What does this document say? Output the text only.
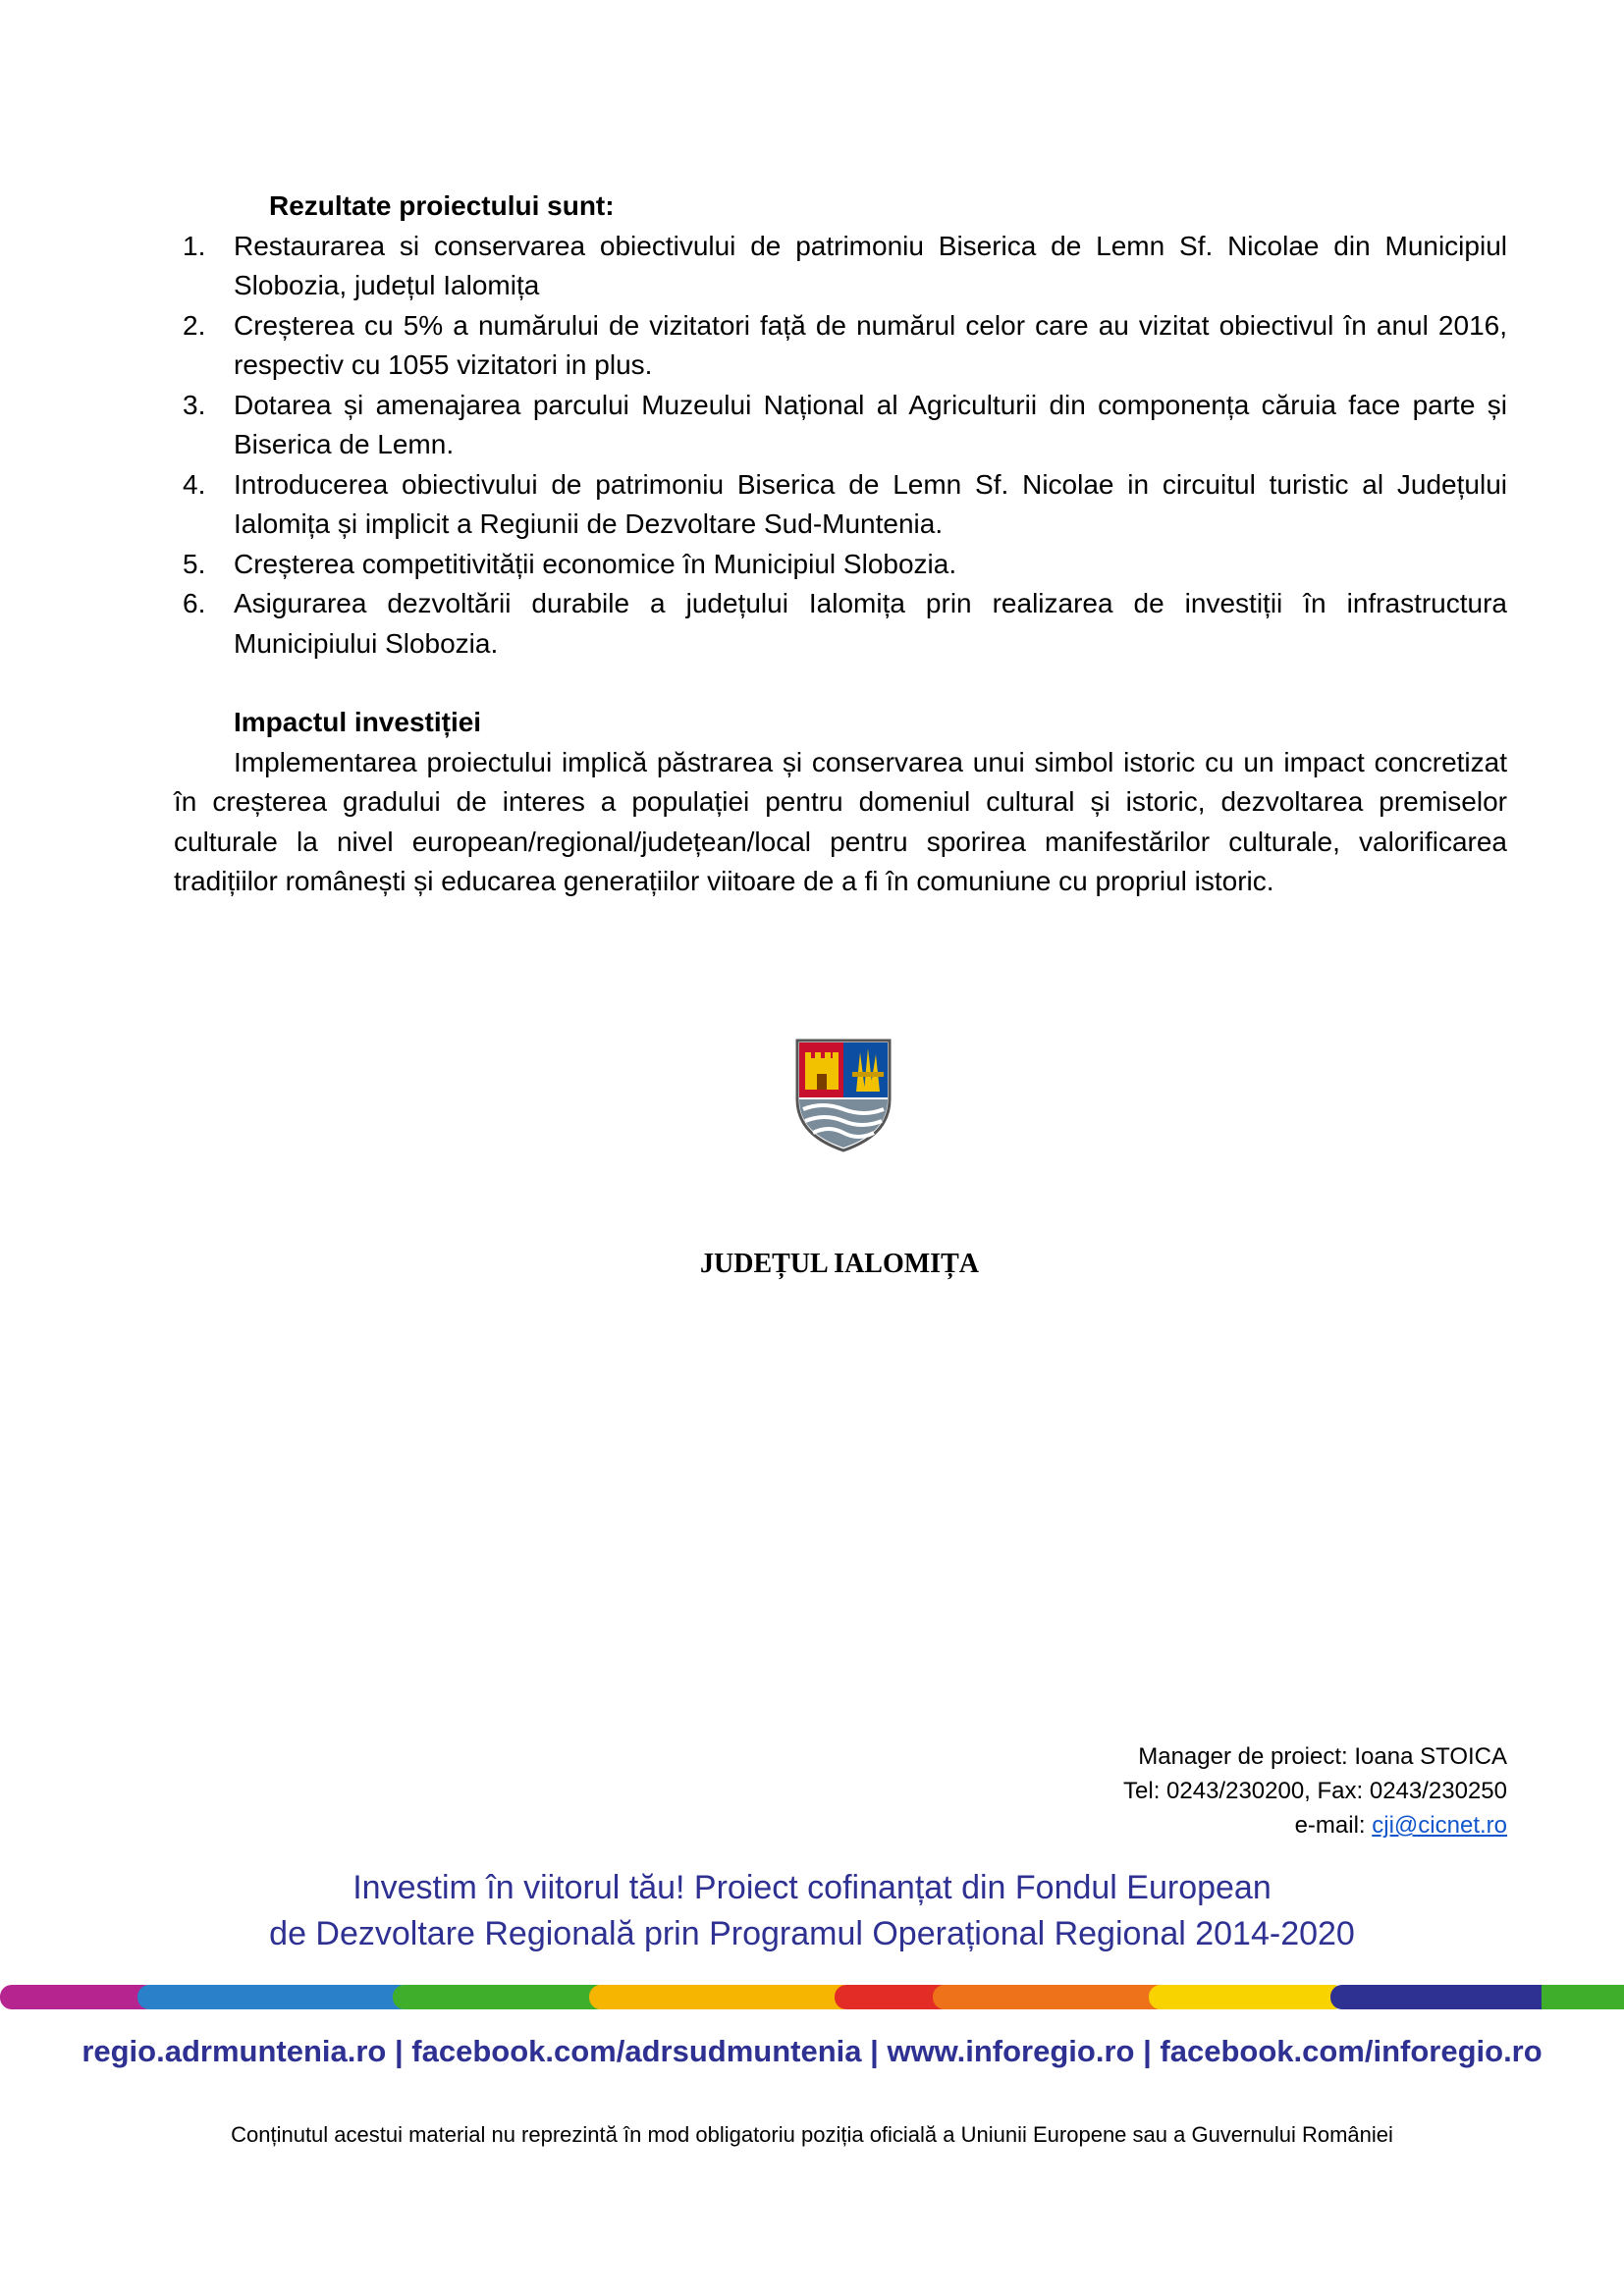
Rezultate proiectului sunt:
1. Restaurarea si conservarea obiectivului de patrimoniu Biserica de Lemn Sf. Nicolae din Municipiul Slobozia, județul Ialomița
2. Creșterea cu 5% a numărului de vizitatori față de numărul celor care au vizitat obiectivul în anul 2016, respectiv cu 1055 vizitatori in plus.
3. Dotarea și amenajarea parcului Muzeului Național al Agriculturii din componența căruia face parte și Biserica de Lemn.
4. Introducerea obiectivului de patrimoniu Biserica de Lemn Sf. Nicolae in circuitul turistic al Județului Ialomița și implicit a Regiunii de Dezvoltare Sud-Muntenia.
5. Creșterea competitivității economice în Municipiul Slobozia.
6. Asigurarea dezvoltării durabile a județului Ialomița prin realizarea de investiții în infrastructura Municipiului Slobozia.
Impactul investiției
Implementarea proiectului implică păstrarea și conservarea unui simbol istoric cu un impact concretizat în creșterea gradului de interes a populației pentru domeniul cultural și istoric, dezvoltarea premiselor culturale la nivel european/regional/județean/local pentru sporirea manifestărilor culturale, valorificarea tradițiilor românești și educarea generațiilor viitoare de a fi în comuniune cu propriul istoric.
JUDEȚUL IALOMIȚA
Manager de proiect: Ioana STOICA
Tel: 0243/230200, Fax: 0243/230250
e-mail: cji@cicnet.ro
Investim în viitorul tău! Proiect cofinanțat din Fondul European
de Dezvoltare Regională prin Programul Operațional Regional 2014-2020
regio.adrmuntenia.ro | facebook.com/adrsudmuntenia | www.inforegio.ro | facebook.com/inforegio.ro
Conținutul acestui material nu reprezintă în mod obligatoriu poziția oficială a Uniunii Europene sau a Guvernului României
